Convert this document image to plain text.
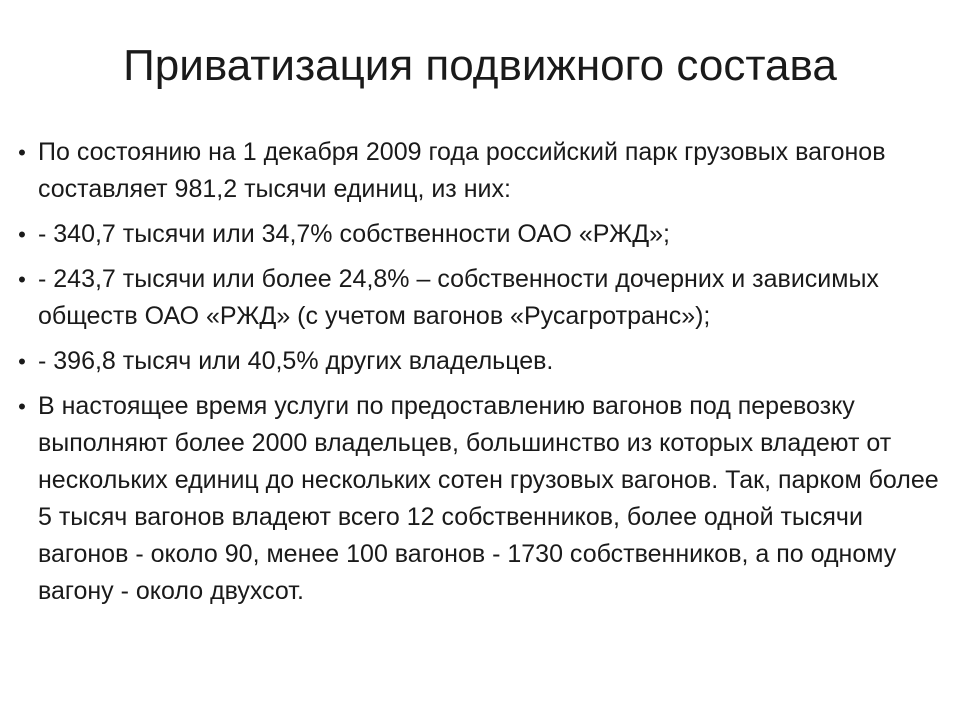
Приватизация подвижного состава
• По состоянию на 1 декабря 2009 года российский парк грузовых вагонов составляет 981,2 тысячи единиц, из них:
• - 340,7 тысячи или 34,7% собственности ОАО «РЖД»;
• - 243,7 тысячи или более 24,8% – собственности дочерних и зависимых обществ ОАО «РЖД» (с учетом вагонов «Русагротранс»);
• - 396,8 тысяч или 40,5% других владельцев.
• В настоящее время услуги по предоставлению вагонов под перевозку выполняют более 2000 владельцев, большинство из которых владеют от нескольких единиц до нескольких сотен грузовых вагонов. Так, парком более 5 тысяч вагонов владеют всего 12 собственников, более одной тысячи вагонов - около 90, менее 100 вагонов - 1730 собственников, а по одному вагону - около двухсот.
